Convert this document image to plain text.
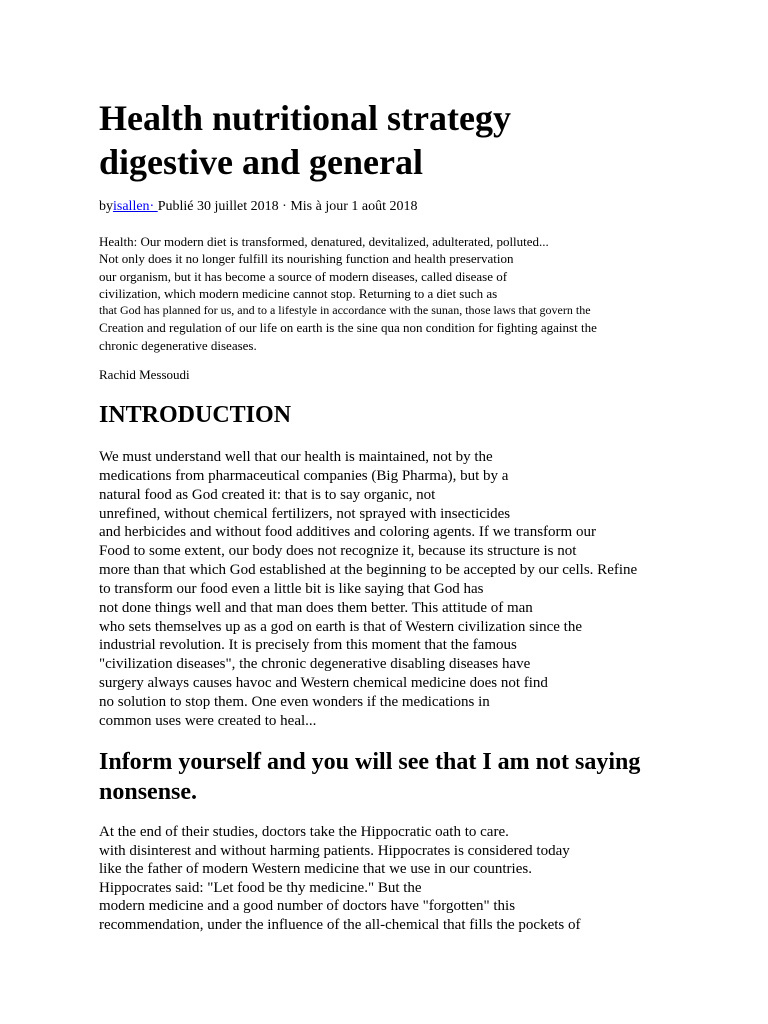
Health nutritional strategy
digestive and general
byisallen· Publié 30 juillet 2018 · Mis à jour 1 août 2018
Health: Our modern diet is transformed, denatured, devitalized, adulterated, polluted...
Not only does it no longer fulfill its nourishing function and health preservation
our organism, but it has become a source of modern diseases, called disease of
civilization, which modern medicine cannot stop. Returning to a diet such as
that God has planned for us, and to a lifestyle in accordance with the sunan, those laws that govern the
Creation and regulation of our life on earth is the sine qua non condition for fighting against the
chronic degenerative diseases.
Rachid Messoudi
INTRODUCTION
We must understand well that our health is maintained, not by the
medications from pharmaceutical companies (Big Pharma), but by a
natural food as God created it: that is to say organic, not
unrefined, without chemical fertilizers, not sprayed with insecticides
and herbicides and without food additives and coloring agents. If we transform our
Food to some extent, our body does not recognize it, because its structure is not
more than that which God established at the beginning to be accepted by our cells. Refine
to transform our food even a little bit is like saying that God has
not done things well and that man does them better. This attitude of man
who sets themselves up as a god on earth is that of Western civilization since the
industrial revolution. It is precisely from this moment that the famous
"civilization diseases", the chronic degenerative disabling diseases have
surgery always causes havoc and Western chemical medicine does not find
no solution to stop them. One even wonders if the medications in
common uses were created to heal...
Inform yourself and you will see that I am not saying
nonsense.
At the end of their studies, doctors take the Hippocratic oath to care.
with disinterest and without harming patients. Hippocrates is considered today
like the father of modern Western medicine that we use in our countries.
Hippocrates said: "Let food be thy medicine." But the
modern medicine and a good number of doctors have "forgotten" this
recommendation, under the influence of the all-chemical that fills the pockets of
